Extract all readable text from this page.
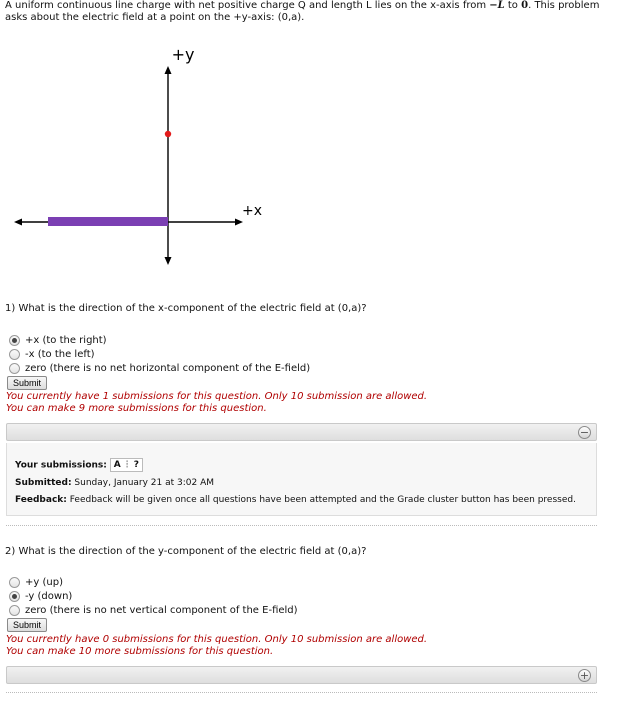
A uniform continuous line charge with net positive charge Q and length L lies on the x-axis from −L to 0. This problem asks about the electric field at a point on the +y-axis: (0,a).
+y
+x
1) What is the direction of the x-component of the electric field at (0,a)?
+x (to the right)
-x (to the left)
zero (there is no net horizontal component of the E-field)
Submit
You currently have 1 submissions for this question. Only 10 submission are allowed.
You can make 9 more submissions for this question.
−
Your submissions: A ⋮ ?
Submitted: Sunday, January 21 at 3:02 AM
Feedback: Feedback will be given once all questions have been attempted and the Grade cluster button has been pressed.
2) What is the direction of the y-component of the electric field at (0,a)?
+y (up)
-y (down)
zero (there is no net vertical component of the E-field)
Submit
You currently have 0 submissions for this question. Only 10 submission are allowed.
You can make 10 more submissions for this question.
+
